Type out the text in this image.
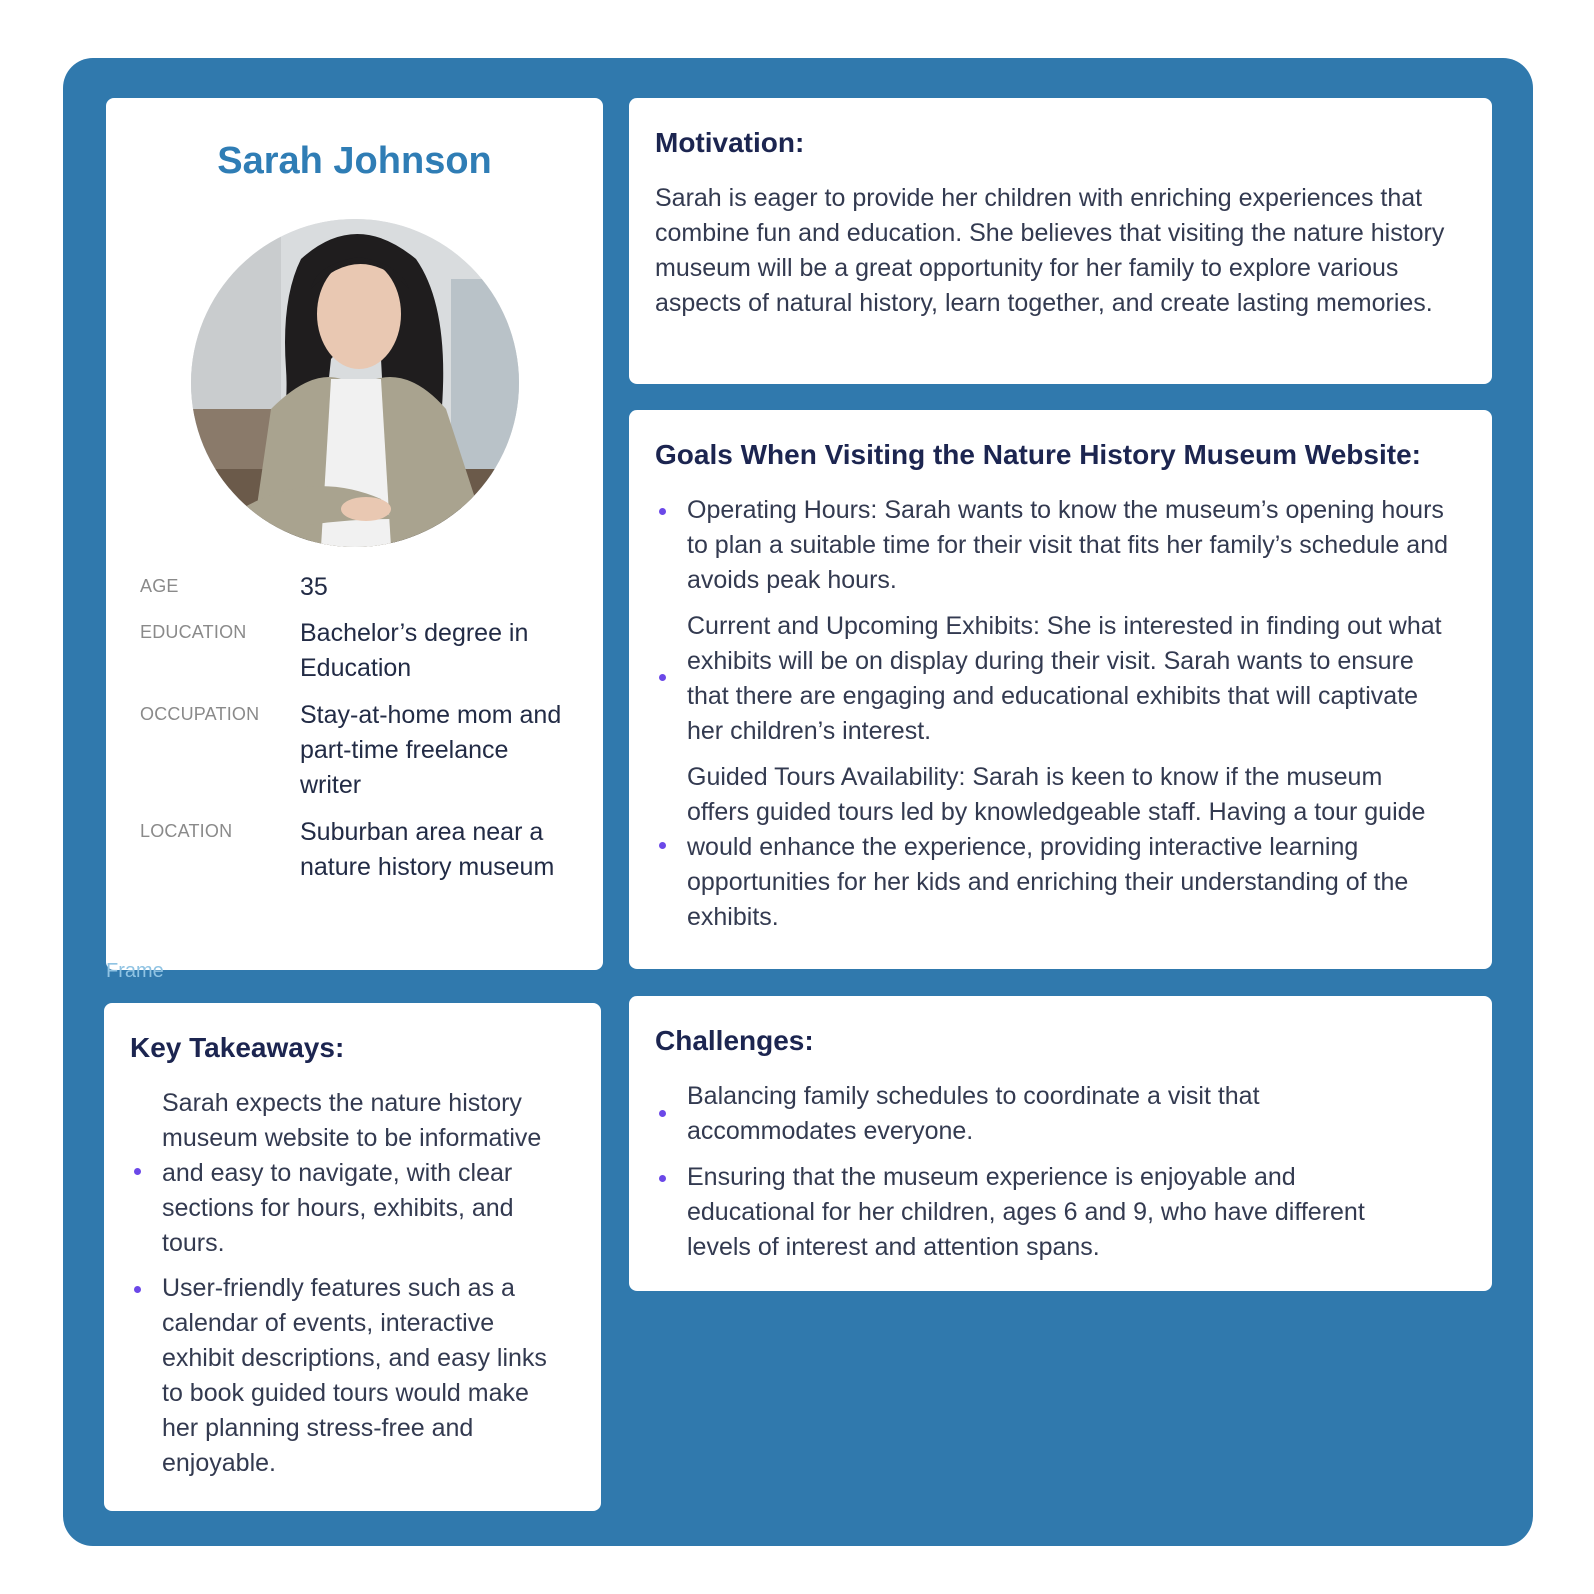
Sarah Johnson
AGE	35
EDUCATION Bachelor’s degree in Education
OCCUPATION Stay-at-home mom and part-time freelance writer
LOCATION	Suburban area near a nature history museum
Frame
Motivation:

Sarah is eager to provide her children with enriching experiences that combine fun and education. She believes that visiting the nature history museum will be a great opportunity for her family to explore various aspects of natural history, learn together, and create lasting memories.

Goals When Visiting the Nature History Museum Website:
Operating Hours: Sarah wants to know the museum’s opening hours to plan a suitable time for their visit that fits her family’s schedule and avoids peak hours.
Current and Upcoming Exhibits: She is interested in finding out what exhibits will be on display during their visit. Sarah wants to ensure that there are engaging and educational exhibits that will captivate her children’s interest.
Guided Tours Availability: Sarah is keen to know if the museum offers guided tours led by knowledgeable staff. Having a tour guide would enhance the experience, providing interactive learning opportunities for her kids and enriching their understanding of the exhibits.
Key Takeaways:
Sarah expects the nature history museum website to be informative and easy to navigate, with clear sections for hours, exhibits, and tours.
User-friendly features such as a calendar of events, interactive exhibit descriptions, and easy links to book guided tours would make her planning stress-free and enjoyable.
Challenges:
Balancing family schedules to coordinate a visit that accommodates everyone.
Ensuring that the museum experience is enjoyable and educational for her children, ages 6 and 9, who have different levels of interest and attention spans.
